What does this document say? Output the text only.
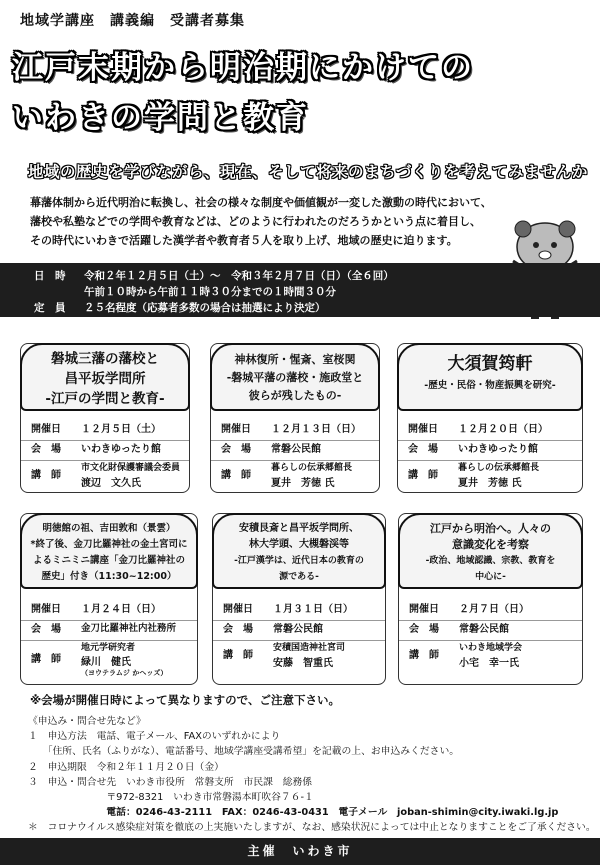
地域学講座　講義編　受講者募集
江戸末期から明治期にかけての
いわきの学問と教育
地域の歴史を学びながら、現在、そして将来のまちづくりを考えてみませんか
幕藩体制から近代明治に転換し、社会の様々な制度や価値観が一変した激動の時代において、
藩校や私塾などでの学問や教育などは、どのように行われたのだろうかという点に着目し、
その時代にいわきで活躍した漢学者や教育者５人を取り上げ、地域の歴史に迫ります。
日　時 令和２年１２月５日（土）～　令和３年２月７日（日）（全６回）
午前１０時から午前１１時３０分までの１時間３０分
定　員 ２５名程度（応募者多数の場合は抽選により決定）
磐城三藩の藩校と
昌平坂学問所
-江戸の学問と教育-
開催日 １２月５日（土）
会　場 いわきゆったり館
講　師
市文化財保護審議会委員
渡辺　文久氏
神林復所・惺斎、室桜関
-磐城平藩の藩校・施政堂と
彼らが残したもの-
開催日 １２月１３日（日）
会　場 常磐公民館
講　師
暮らしの伝承郷館長
夏井　芳徳 氏
大須賀筠軒
-歴史・民俗・物産振興を研究-
開催日 １２月２０日（日）
会　場 いわきゆったり館
講　師
暮らしの伝承郷館長
夏井　芳徳 氏
明徳館の祖、吉田敦和（景雲）
*終了後、金刀比羅神社の金土宮司に
よるミニミニ講座「金刀比羅神社の
歴史」付き（11:30~12:00）
開催日 １月２４日（日）
会　場 金刀比羅神社内社務所
講　師
地元学研究者
緑川　健氏
（ヨウテラムジ かへッズ）
安積艮斎と昌平坂学問所、
林大学頭、大槻磐渓等
-江戸漢学は、近代日本の教育の
源である-
開催日 １月３１日（日）
会　場 常磐公民館
講　師
安積国造神社宮司
安藤　智重氏
江戸から明治へ。人々の
意識変化を考察
-政治、地域認識、宗教、教育を
中心に-
開催日 ２月７日（日）
会　場 常磐公民館
講　師
いわき地域学会
小宅　幸一氏
※会場が開催日時によって異なりますので、ご注意下さい。
《申込み・問合せ先など》
１　申込方法　電話、電子メール、FAXのいずれかにより
　　「住所、氏名（ふりがな）、電話番号、地域学講座受講希望」を記載の上、お申込みください。
２　申込期限　令和２年１１月２０日（金）
３　申込・問合せ先　いわき市役所　常磐支所　市民課　総務係
　　　　　　　　〒972-8321　いわき市常磐湯本町吹谷７６-１
　　　　　　　　電話：0246-43-2111　FAX：0246-43-0431　電子メール　joban-shimin@city.iwaki.lg.jp
＊　コロナウイルス感染症対策を徹底の上実施いたしますが、なお、感染状況によっては中止となりますことをご了承ください。
主催　いわき市
